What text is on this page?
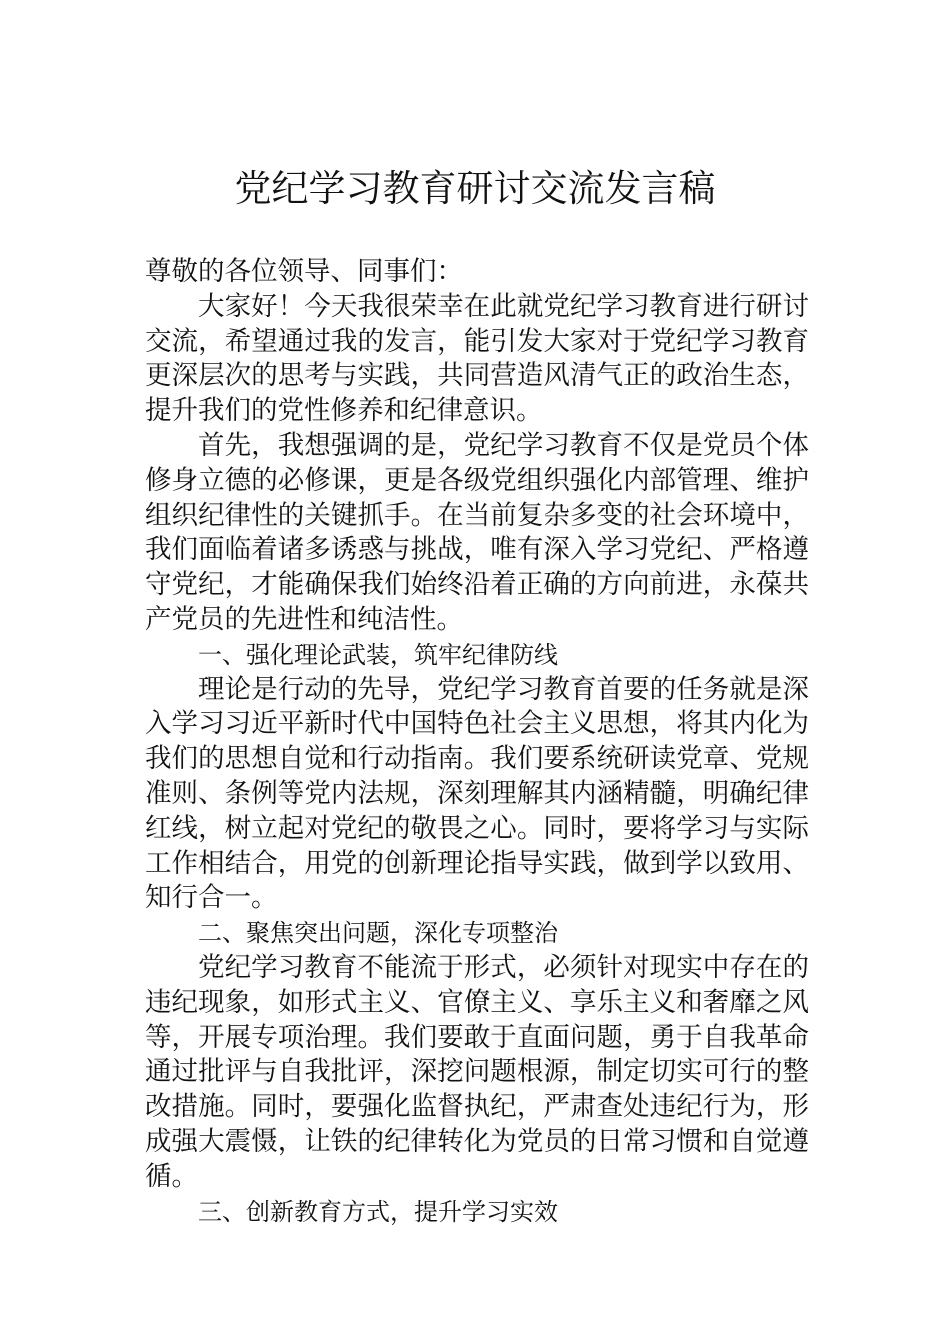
党纪学习教育研讨交流发言稿

尊敬的各位领导、同事们：

大家好！今天我很荣幸在此就党纪学习教育进行研讨交流，希望通过我的发言，能引发大家对于党纪学习教育更深层次的思考与实践，共同营造风清气正的政治生态，提升我们的党性修养和纪律意识。

首先，我想强调的是，党纪学习教育不仅是党员个体修身立德的必修课，更是各级党组织强化内部管理、维护组织纪律性的关键抓手。在当前复杂多变的社会环境中，我们面临着诸多诱惑与挑战，唯有深入学习党纪、严格遵守党纪，才能确保我们始终沿着正确的方向前进，永葆共产党员的先进性和纯洁性。

一、强化理论武装，筑牢纪律防线

理论是行动的先导，党纪学习教育首要的任务就是深入学习习近平新时代中国特色社会主义思想，将其内化为我们的思想自觉和行动指南。我们要系统研读党章、党规准则、条例等党内法规，深刻理解其内涵精髓，明确纪律红线，树立起对党纪的敬畏之心。同时，要将学习与实际工作相结合，用党的创新理论指导实践，做到学以致用、知行合一。

二、聚焦突出问题，深化专项整治

党纪学习教育不能流于形式，必须针对现实中存在的违纪现象，如形式主义、官僚主义、享乐主义和奢靡之风等，开展专项治理。我们要敢于直面问题，勇于自我革命通过批评与自我批评，深挖问题根源，制定切实可行的整改措施。同时，要强化监督执纪，严肃查处违纪行为，形成强大震慑，让铁的纪律转化为党员的日常习惯和自觉遵循。

三、创新教育方式，提升学习实效
